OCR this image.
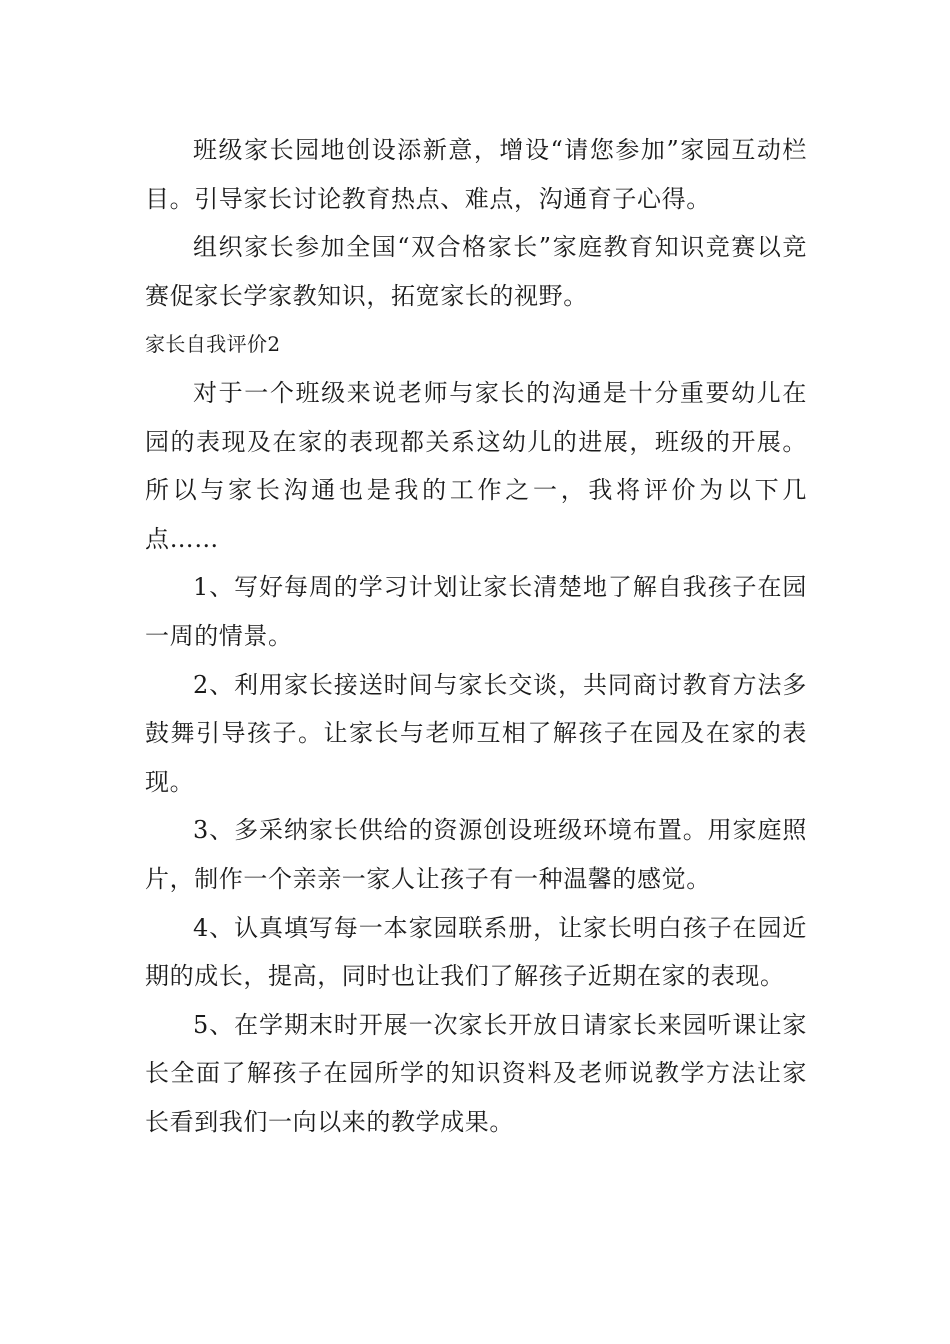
班级家长园地创设添新意，增设“请您参加”家园互动栏目。引导家长讨论教育热点、难点，沟通育子心得。

组织家长参加全国“双合格家长”家庭教育知识竞赛以竞赛促家长学家教知识，拓宽家长的视野。

家长自我评价2

对于一个班级来说老师与家长的沟通是十分重要幼儿在园的表现及在家的表现都关系这幼儿的进展，班级的开展。所以与家长沟通也是我的工作之一，我将评价为以下几点……

1、写好每周的学习计划让家长清楚地了解自我孩子在园一周的情景。

2、利用家长接送时间与家长交谈，共同商讨教育方法多鼓舞引导孩子。让家长与老师互相了解孩子在园及在家的表现。

3、多采纳家长供给的资源创设班级环境布置。用家庭照片，制作一个亲亲一家人让孩子有一种温馨的感觉。

4、认真填写每一本家园联系册，让家长明白孩子在园近期的成长，提高，同时也让我们了解孩子近期在家的表现。

5、在学期末时开展一次家长开放日请家长来园听课让家长全面了解孩子在园所学的知识资料及老师说教学方法让家长看到我们一向以来的教学成果。
